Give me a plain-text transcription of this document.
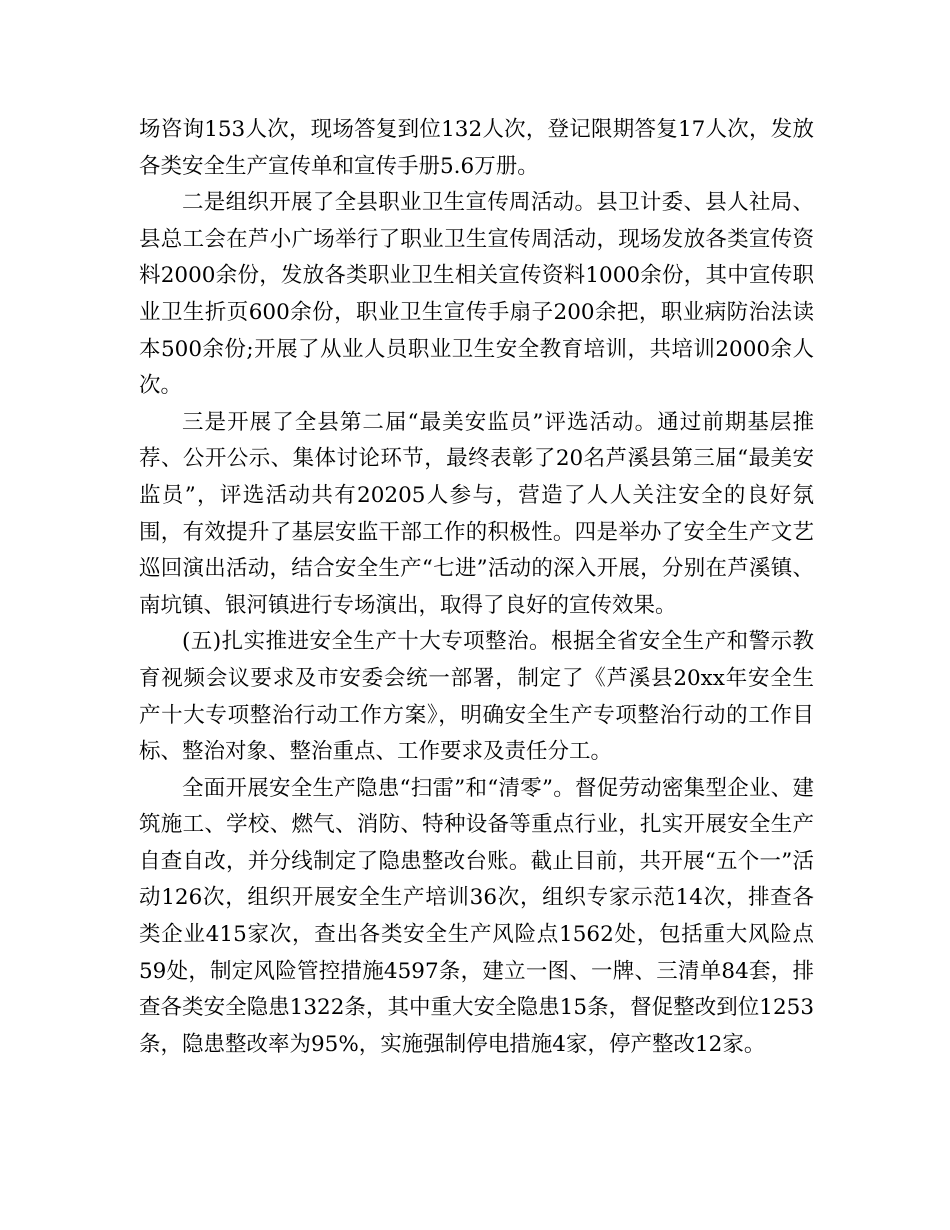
场咨询153人次，现场答复到位132人次，登记限期答复17人次，发放各类安全生产宣传单和宣传手册5.6万册。

二是组织开展了全县职业卫生宣传周活动。县卫计委、县人社局、县总工会在芦小广场举行了职业卫生宣传周活动，现场发放各类宣传资料2000余份，发放各类职业卫生相关宣传资料1000余份，其中宣传职业卫生折页600余份，职业卫生宣传手扇子200余把，职业病防治法读本500余份;开展了从业人员职业卫生安全教育培训，共培训2000余人次。

三是开展了全县第二届“最美安监员”评选活动。通过前期基层推荐、公开公示、集体讨论环节，最终表彰了20名芦溪县第三届“最美安监员”，评选活动共有20205人参与，营造了人人关注安全的良好氛围，有效提升了基层安监干部工作的积极性。四是举办了安全生产文艺巡回演出活动，结合安全生产“七进”活动的深入开展，分别在芦溪镇、南坑镇、银河镇进行专场演出，取得了良好的宣传效果。

(五)扎实推进安全生产十大专项整治。根据全省安全生产和警示教育视频会议要求及市安委会统一部署，制定了《芦溪县20xx年安全生产十大专项整治行动工作方案》，明确安全生产专项整治行动的工作目标、整治对象、整治重点、工作要求及责任分工。

全面开展安全生产隐患“扫雷”和“清零”。督促劳动密集型企业、建筑施工、学校、燃气、消防、特种设备等重点行业，扎实开展安全生产自查自改，并分线制定了隐患整改台账。截止目前，共开展“五个一”活动126次，组织开展安全生产培训36次，组织专家示范14次，排查各类企业415家次，查出各类安全生产风险点1562处，包括重大风险点59处，制定风险管控措施4597条，建立一图、一牌、三清单84套，排查各类安全隐患1322条，其中重大安全隐患15条，督促整改到位1253条，隐患整改率为95%，实施强制停电措施4家，停产整改12家。
